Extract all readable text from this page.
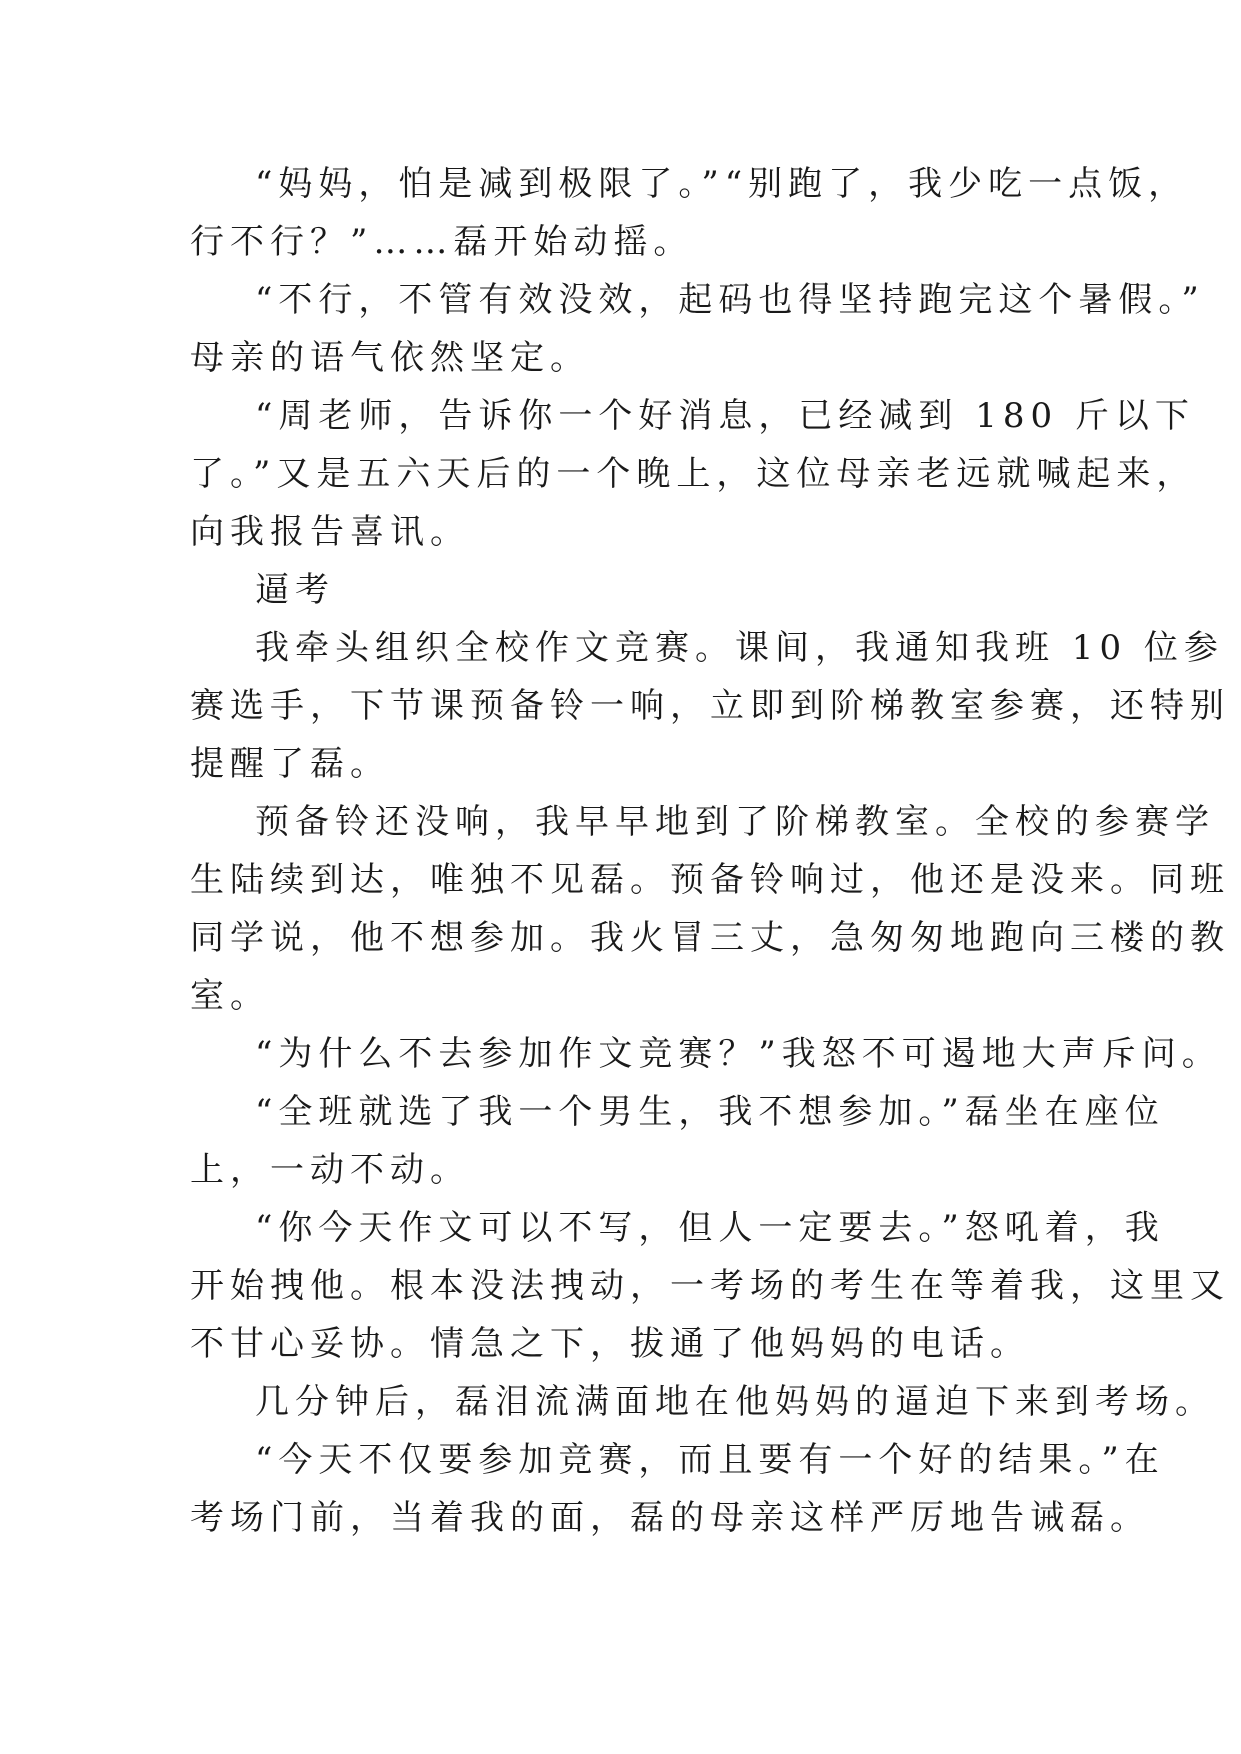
“妈妈，怕是减到极限了。”“别跑了，我少吃一点饭，
行不行？”……磊开始动摇。
“不行，不管有效没效，起码也得坚持跑完这个暑假。”
母亲的语气依然坚定。
“周老师，告诉你一个好消息，已经减到 180 斤以下
了。”又是五六天后的一个晚上，这位母亲老远就喊起来，
向我报告喜讯。
逼考
我牵头组织全校作文竞赛。课间，我通知我班 10 位参
赛选手，下节课预备铃一响，立即到阶梯教室参赛，还特别
提醒了磊。
预备铃还没响，我早早地到了阶梯教室。全校的参赛学
生陆续到达，唯独不见磊。预备铃响过，他还是没来。同班
同学说，他不想参加。我火冒三丈，急匆匆地跑向三楼的教
室。
“为什么不去参加作文竞赛？”我怒不可遏地大声斥问。
“全班就选了我一个男生，我不想参加。”磊坐在座位
上，一动不动。
“你今天作文可以不写，但人一定要去。”怒吼着，我
开始拽他。根本没法拽动，一考场的考生在等着我，这里又
不甘心妥协。情急之下，拔通了他妈妈的电话。
几分钟后，磊泪流满面地在他妈妈的逼迫下来到考场。
“今天不仅要参加竞赛，而且要有一个好的结果。”在
考场门前，当着我的面，磊的母亲这样严厉地告诫磊。
